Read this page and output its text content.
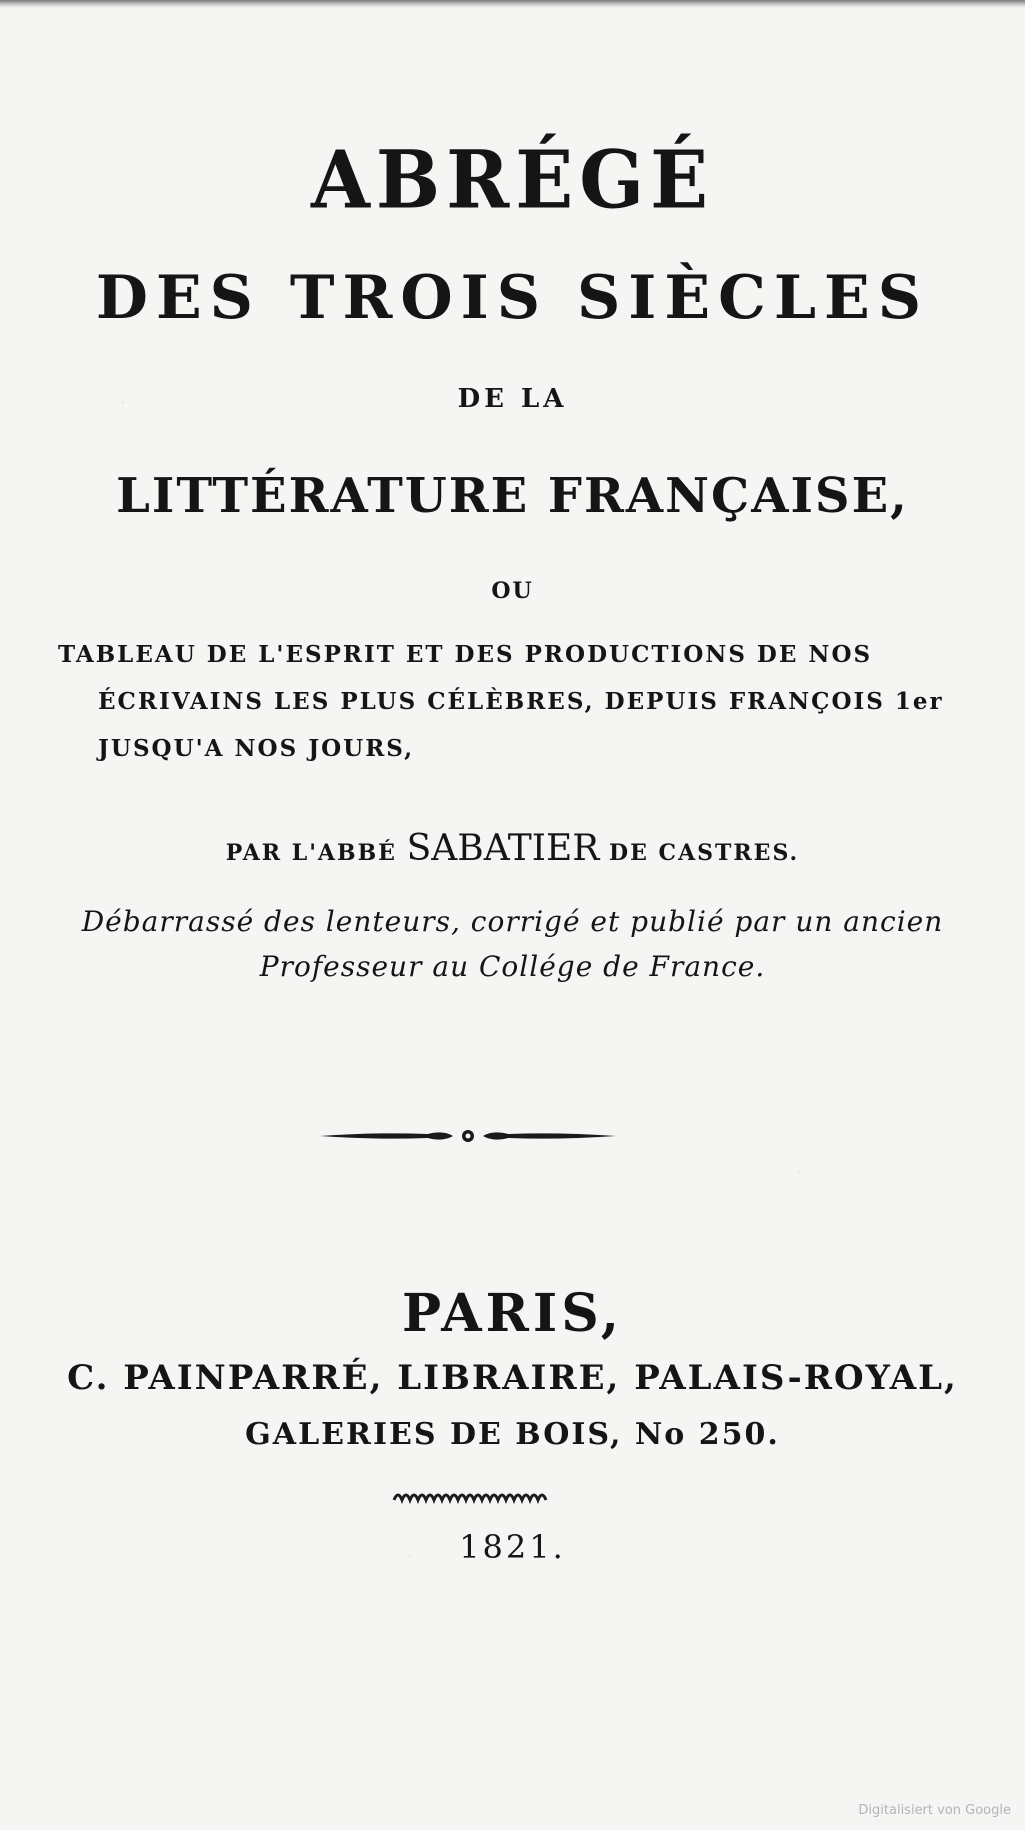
ABRÉGÉ
DES TROIS SIÈCLES
DE LA
LITTÉRATURE FRANÇAISE,
OU
TABLEAU DE L'ESPRIT ET DES PRODUCTIONS DE NOS
ÉCRIVAINS LES PLUS CÉLÈBRES, DEPUIS FRANÇOIS 1er
JUSQU'A NOS JOURS,
PAR L'ABBÉ SABATIER DE CASTRES.
Débarrassé des lenteurs, corrigé et publié par un ancien
Professeur au Collége de France.
PARIS,
C. PAINPARRÉ, LIBRAIRE, PALAIS-ROYAL,
GALERIES DE BOIS, No 250.
1821.
Digitalisiert von Google
